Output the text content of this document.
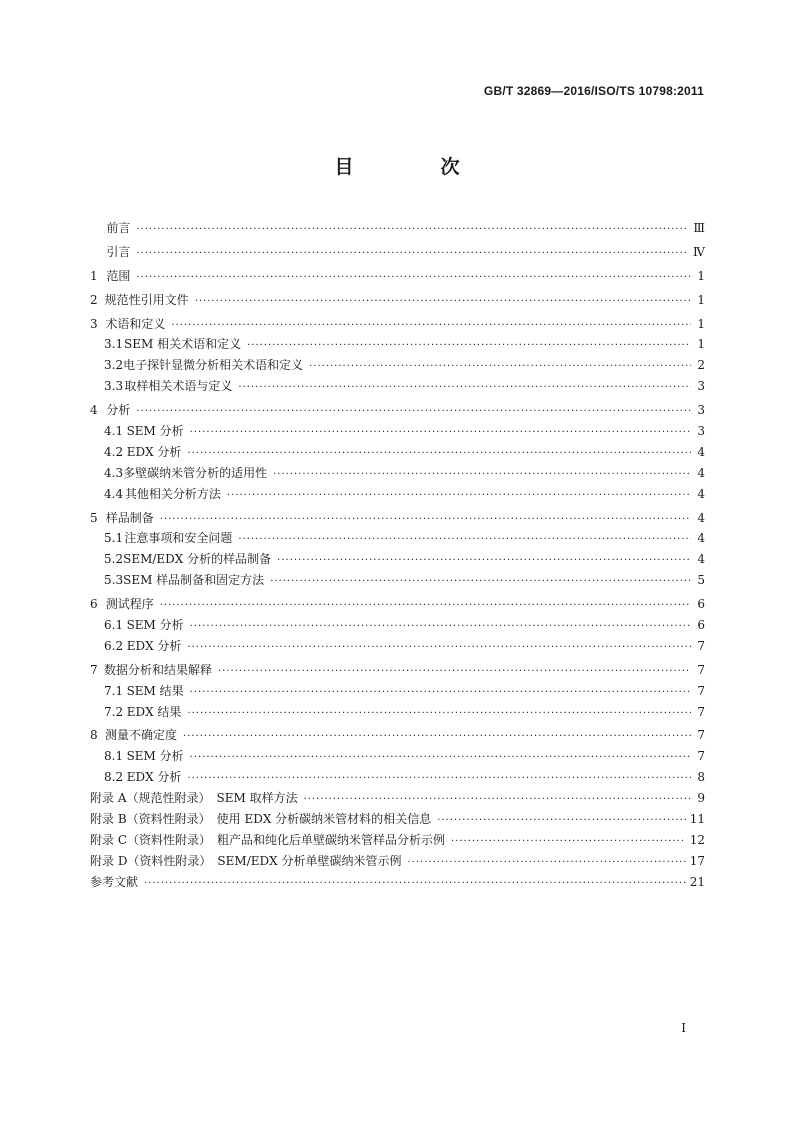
GB/T 32869—2016/ISO/TS 10798:2011
目　次
前言 ·····	Ⅲ
引言 ·····	Ⅳ
1 范围 ·····	1
2 规范性引用文件 ·····	1
3 术语和定义 ·····	1
3.1 SEM 相关术语和定义 ·····	1
3.2 电子探针显微分析相关术语和定义 ·····	2
3.3 取样相关术语与定义 ·····	3
4 分析 ·····	3
4.1 SEM 分析 ·····	3
4.2 EDX 分析 ·····	4
4.3 多壁碳纳米管分析的适用性 ·····	4
4.4 其他相关分析方法 ·····	4
5 样品制备 ·····	4
5.1 注意事项和安全问题 ·····	4
5.2 SEM/EDX 分析的样品制备 ·····	4
5.3 SEM 样品制备和固定方法 ·····	5
6 测试程序 ·····	6
6.1 SEM 分析 ·····	6
6.2 EDX 分析 ·····	7
7 数据分析和结果解释 ·····	7
7.1 SEM 结果 ·····	7
7.2 EDX 结果 ·····	7
8 测量不确定度 ·····	7
8.1 SEM 分析 ·····	7
8.2 EDX 分析 ·····	8
附录 A（规范性附录）　SEM 取样方法 ·····	9
附录 B（资料性附录）　使用 EDX 分析碳纳米管材料的相关信息 ·····	11
附录 C（资料性附录）　粗产品和纯化后单壁碳纳米管样品分析示例 ·····	12
附录 D（资料性附录）　SEM/EDX 分析单壁碳纳米管示例 ·····	17
参考文献 ·····	21
Ⅰ
